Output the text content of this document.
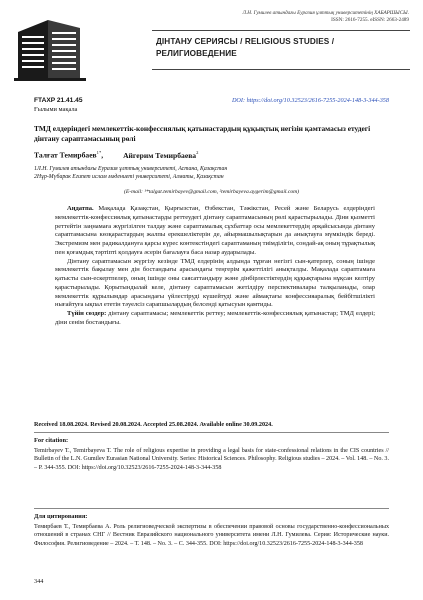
Л.Н. Гумилев атындағы Еуразия ұлттық университетінің ХАБАРШЫСЫ.
ISSN: 2616-7255. eISSN: 2663-2489
ДІНТАНУ СЕРИЯСЫ / RELIGIOUS STUDIES / РЕЛИГИОВЕДЕНИЕ
FTAXP 21.41.45	DOI: https://doi.org/10.32523/2616-7255-2024-148-3-344-358
Ғылыми мақала
ТМД елдеріндегі мемлекеттік-конфессиялық қатынастардың құқықтық негізін қамтамасыз етудегі дінтану сараптамасының рөлі
Талғат Темирбаев$^{1*}$, Айгерим Темирбаева$^2$
1Л.Н. Гумилев атындағы Еуразия ұлттық университеті, Астана, Қазақстан
2Нұр-Мүбарак Египет ислам мәдениеті университеті, Алматы, Қазақстан
(E-mail: ¹*talgat.temirbayev@gmail.com, ²temirbayeva.aygerim@gmail.com)

Аңдатпа. Мақалада Қазақстан, Қырғызстан, Өзбекстан, Тәжікстан, Ресей және Беларусь елдеріндегі мемлекеттік-конфессиялық қатынастарды реттеудегі дінтану сараптамасының рөлі қарастырылады. Діни қызметті реттейтін заңнамаға жүргізілген талдау және сараптамалық сұхбаттар осы мемлекеттердің әрқайсысында дінтану сараптамасына көзқарастардың жалпы ерекшеліктерін де, айырмашылықтарын да анықтауға мүмкіндік береді. Экстремизм мен радикалдануға қарсы күрес контекстіндегі сараптаманың тиімділігін, сондай-ақ оның тұрақтылық пен қоғамдық тәртіпті қолдауға әсерін бағалауға баса назар аударылады.

Дінтану сараптамасын жүргізу кезінде ТМД елдерінің алдында тұрған негізгі сын-қатерлер, соның ішінде мемлекеттік бақылау мен дін бостандығы арасындағы теңгерім қажеттілігі анықталды. Мақалада сараптамаға қатысты сын-ескертпелер, оның ішінде оны саясаттандыру және дінбірлестіктердің құқықтарына нұқсан келтіру қарастырылады. Қорытындылай келе, дінтану сараптамасын жетілдіру перспективалары талқыланады, олар мемлекеттік құрылымдар арасындағы үйлестіруді күшейтуді және аймақтағы конфессияаралық бейбітшілікті нығайтуға ықпал ететін тәуелсіз сарапшылардың белсенді қатысуын қамтиды.

Түйін сөздер: дінтану сараптамасы; мемлекеттік реттеу; мемлекеттік-конфессиялық қатынастар; ТМД елдері; діни сенім бостандығы.

Received 18.08.2024. Revised 20.08.2024. Accepted 25.08.2024. Available online 30.09.2024.
For citation:
Temirbayev T., Temirbayeva T. The role of religious expertise in providing a legal basis for state-confessional relations in the CIS countries // Bulletin of the L.N. Gumilev Eurasian National University. Series: Historical Sciences. Philosophy. Religious studies – 2024. – Vol. 148. – No. 3. – P. 344-355. DOI: https://doi.org/10.32523/2616-7255-2024-148-3-344-358
Для цитирования:
Темирбаев Т., Темирбаева А. Роль религиоведческой экспертизы в обеспечении правовой основы государственно-конфессиональных отношений в странах СНГ // Вестник Евразийского национального университета имени Л.Н. Гумилева. Серия: Исторические науки. Философия. Религиоведение – 2024. – Т. 148. – No. 3. – С. 344-355. DOI: https://doi.org/10.32523/2616-7255-2024-148-3-344-358
344
